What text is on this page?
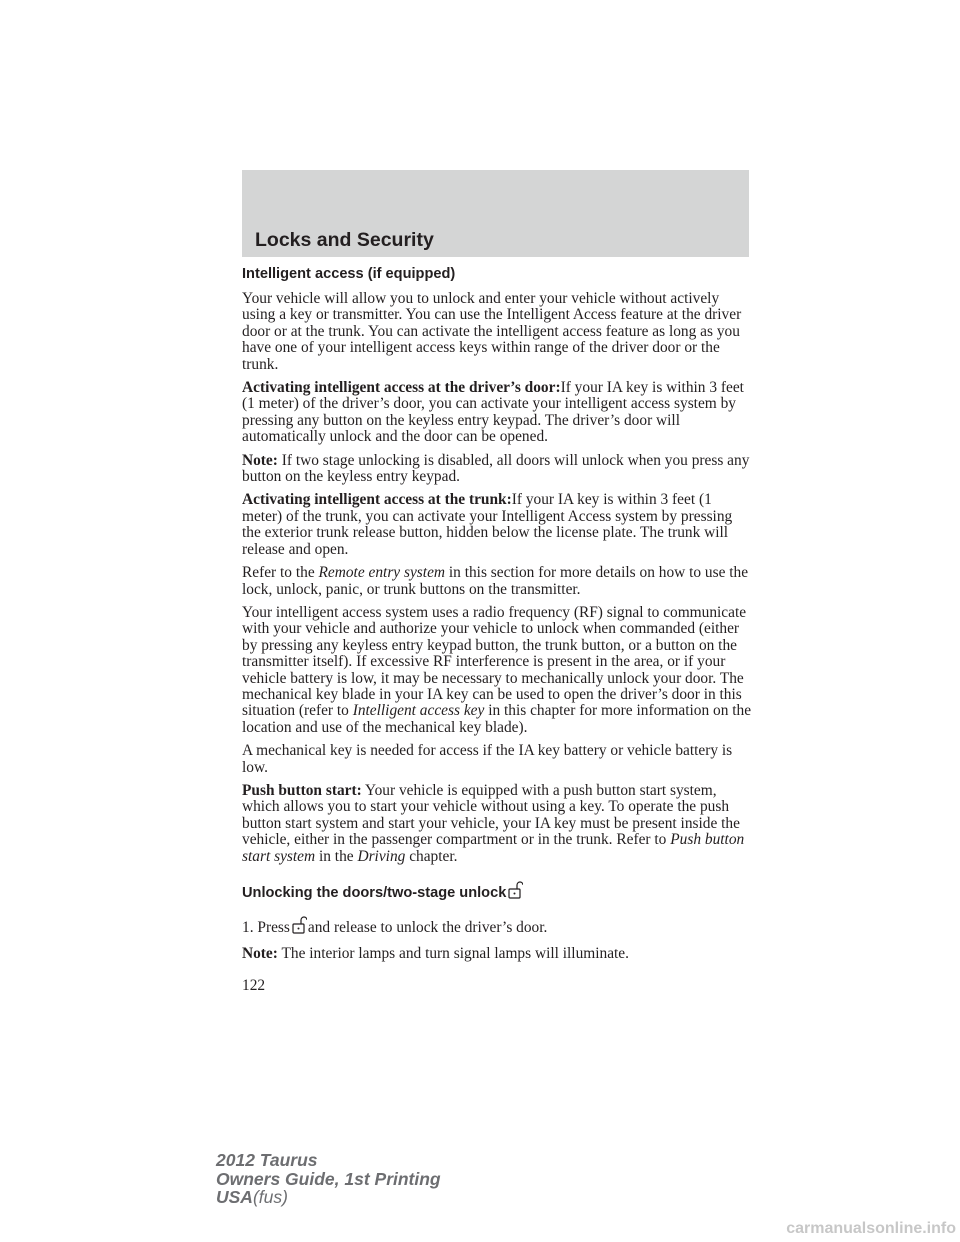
Locks and Security
Intelligent access (if equipped)

Your vehicle will allow you to unlock and enter your vehicle without actively using a key or transmitter. You can use the Intelligent Access feature at the driver door or at the trunk. You can activate the intelligent access feature as long as you have one of your intelligent access keys within range of the driver door or the trunk.

Activating intelligent access at the driver’s door:If your IA key is within 3 feet (1 meter) of the driver’s door, you can activate your intelligent access system by pressing any button on the keyless entry keypad. The driver’s door will automatically unlock and the door can be opened.

Note: If two stage unlocking is disabled, all doors will unlock when you press any button on the keyless entry keypad.

Activating intelligent access at the trunk:If your IA key is within 3 feet (1 meter) of the trunk, you can activate your Intelligent Access system by pressing the exterior trunk release button, hidden below the license plate. The trunk will release and open.

Refer to the Remote entry system in this section for more details on how to use the lock, unlock, panic, or trunk buttons on the transmitter.

Your intelligent access system uses a radio frequency (RF) signal to communicate with your vehicle and authorize your vehicle to unlock when commanded (either by pressing any keyless entry keypad button, the trunk button, or a button on the transmitter itself). If excessive RF interference is present in the area, or if your vehicle battery is low, it may be necessary to mechanically unlock your door. The mechanical key blade in your IA key can be used to open the driver’s door in this situation (refer to Intelligent access key in this chapter for more information on the location and use of the mechanical key blade).

A mechanical key is needed for access if the IA key battery or vehicle battery is low.

Push button start: Your vehicle is equipped with a push button start system, which allows you to start your vehicle without using a key. To operate the push button start system and start your vehicle, your IA key must be present inside the vehicle, either in the passenger compartment or in the trunk. Refer to Push button start system in the Driving chapter.

Unlocking the doors/two-stage unlock

1. Press and release to unlock the driver’s door.

Note: The interior lamps and turn signal lamps will illuminate.

122
2012 Taurus
Owners Guide, 1st Printing
USA(fus)
carmanualsonline.info
